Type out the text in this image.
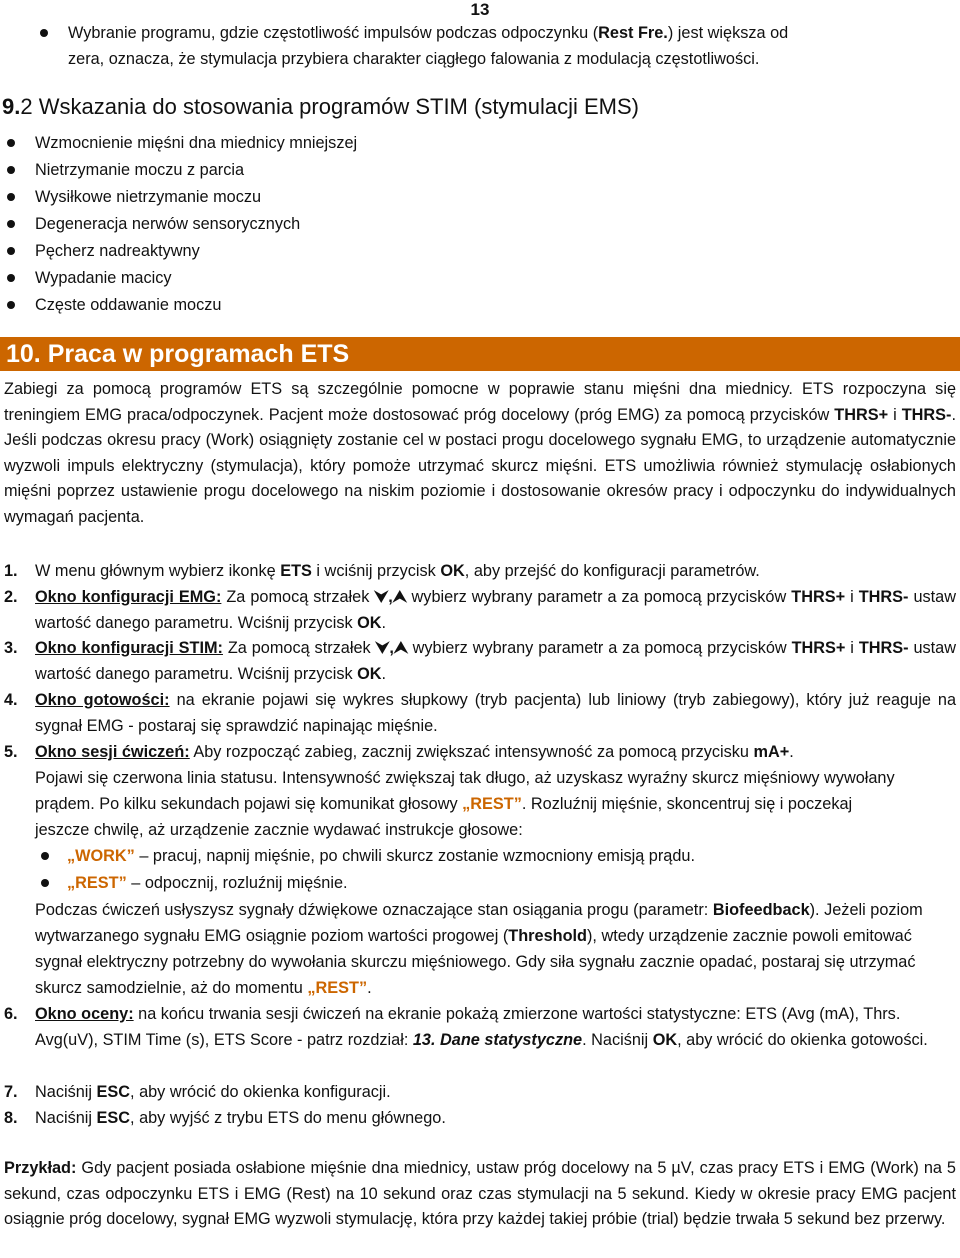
13
Wybranie programu, gdzie częstotliwość impulsów podczas odpoczynku (Rest Fre.) jest większa od
zera, oznacza, że stymulacja przybiera charakter ciągłego falowania z modulacją częstotliwości.
9.2 Wskazania do stosowania programów STIM (stymulacji EMS)
Wzmocnienie mięśni dna miednicy mniejszej
Nietrzymanie moczu z parcia
Wysiłkowe nietrzymanie moczu
Degeneracja nerwów sensorycznych
Pęcherz nadreaktywny
Wypadanie macicy
Częste oddawanie moczu
10. Praca w programach ETS
Zabiegi za pomocą programów ETS są szczególnie pomocne w poprawie stanu mięśni dna miednicy. ETS rozpoczyna się treningiem EMG praca/odpoczynek. Pacjent może dostosować próg docelowy (próg EMG) za pomocą przycisków THRS+ i THRS-. Jeśli podczas okresu pracy (Work) osiągnięty zostanie cel w postaci progu docelowego sygnału EMG, to urządzenie automatycznie wyzwoli impuls elektryczny (stymulacja), który pomoże utrzymać skurcz mięśni. ETS umożliwia również stymulację osłabionych mięśni poprzez ustawienie progu docelowego na niskim poziomie i dostosowanie okresów pracy i odpoczynku do indywidualnych wymagań pacjenta.
1. W menu głównym wybierz ikonkę ETS i wciśnij przycisk OK, aby przejść do konfiguracji parametrów.
2. Okno konfiguracji EMG: Za pomocą strzałek ⮟,⮝ wybierz wybrany parametr a za pomocą przycisków THRS+ i THRS- ustaw wartość danego parametru. Wciśnij przycisk OK.
3. Okno konfiguracji STIM: Za pomocą strzałek ⮟,⮝ wybierz wybrany parametr a za pomocą przycisków THRS+ i THRS- ustaw wartość danego parametru. Wciśnij przycisk OK.
4. Okno gotowości: na ekranie pojawi się wykres słupkowy (tryb pacjenta) lub liniowy (tryb zabiegowy), który już reaguje na sygnał EMG - postaraj się sprawdzić napinając mięśnie.
5. Okno sesji ćwiczeń: Aby rozpocząć zabieg, zacznij zwiększać intensywność za pomocą przycisku mA+.
Pojawi się czerwona linia statusu. Intensywność zwiększaj tak długo, aż uzyskasz wyraźny skurcz mięśniowy wywołany prądem. Po kilku sekundach pojawi się komunikat głosowy „REST”. Rozluźnij mięśnie, skoncentruj się i poczekaj jeszcze chwilę, aż urządzenie zacznie wydawać instrukcje głosowe:
„WORK” – pracuj, napnij mięśnie, po chwili skurcz zostanie wzmocniony emisją prądu.
„REST” – odpocznij, rozluźnij mięśnie.
Podczas ćwiczeń usłyszysz sygnały dźwiękowe oznaczające stan osiągania progu (parametr: Biofeedback). Jeżeli poziom wytwarzanego sygnału EMG osiągnie poziom wartości progowej (Threshold), wtedy urządzenie zacznie powoli emitować sygnał elektryczny potrzebny do wywołania skurczu mięśniowego. Gdy siła sygnału zacznie opadać, postaraj się utrzymać skurcz samodzielnie, aż do momentu „REST”.
6. Okno oceny: na końcu trwania sesji ćwiczeń na ekranie pokażą zmierzone wartości statystyczne: ETS (Avg (mA), Thrs. Avg(uV), STIM Time (s), ETS Score - patrz rozdział: 13. Dane statystyczne. Naciśnij OK, aby wrócić do okienka gotowości.
7. Naciśnij ESC, aby wrócić do okienka konfiguracji.
8. Naciśnij ESC, aby wyjść z trybu ETS do menu głównego.
Przykład: Gdy pacjent posiada osłabione mięśnie dna miednicy, ustaw próg docelowy na 5 µV, czas pracy ETS i EMG (Work) na 5 sekund, czas odpoczynku ETS i EMG (Rest) na 10 sekund oraz czas stymulacji na 5 sekund. Kiedy w okresie pracy EMG pacjent osiągnie próg docelowy, sygnał EMG wyzwoli stymulację, która przy każdej takiej próbie (trial) będzie trwała 5 sekund bez przerwy.
